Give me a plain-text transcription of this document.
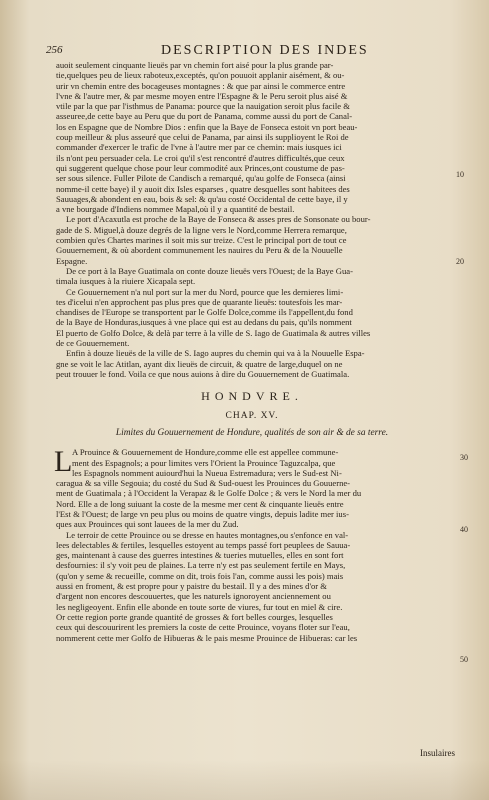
256	DESCRIPTION DES INDES
auoit seulement cinquante lieuës par vn chemin fort aisé pour la plus grande par-
tie,quelques peu de lieux raboteux,exceptés, qu'on pouuoit applanir aisément, & ou-
urir vn chemin entre des bocageuses montagnes : & que par ainsi le commerce entre
l'vne & l'autre mer, & par mesme moyen entre l'Espagne & le Peru seroit plus aisé &
vtile par la que par l'isthmus de Panama: pource que la nauigation seroit plus facile &
asseuree,de cette baye au Peru que du port de Panama, comme aussi du port de Canal-
los en Espagne que de Nombre Dios : enfin que la Baye de Fonseca estoit vn port beau-
coup meilleur & plus asseuré que celui de Panama, par ainsi ils supplioyent le Roi de
commander d'exercer le trafic de l'vne à l'autre mer par ce chemin: mais iusques ici
ils n'ont peu persuader cela. Le croi qu'il s'est rencontré d'autres difficultés,que ceux
qui suggerent quelque chose pour leur commodité aux Princes,ont coustume de pas-
ser sous silence. Fuller Pilote de Candisch a remarqué, qu'au golfe de Fonseca (ainsi
nomme-il cette baye) il y auoit dix Isles esparses , quatre desquelles sont habitees des
Sauuages,& abondent en eau, bois & sel: & qu'au costé Occidental de cette baye, il y
a vne bourgade d'Indiens nommee Mapal,où il y a quantité de bestail.
Le port d'Acaxutla est proche de la Baye de Fonseca & asses pres de Sonsonate ou bour-
gade de S. Miguel,à douze degrés de la ligne vers le Nord,comme Herrera remarque,
combien qu'es Chartes marines il soit mis sur treize. C'est le principal port de tout ce
Gouuernement, & où abordent communement les nauires du Peru & de la Nouuelle
Espagne.
De ce port à la Baye Guatimala on conte douze lieuës vers l'Ouest; de la Baye Gua-
timala iusques à la riuiere Xicapala sept.
Ce Gouuernement n'a nul port sur la mer du Nord, pource que les dernieres limi-
tes d'icelui n'en approchent pas plus pres que de quarante lieuës: toutesfois les mar-
chandises de l'Europe se transportent par le Golfe Dolce,comme ils l'appellent,du fond
de la Baye de Honduras,iusques à vne place qui est au dedans du pais, qu'ils nomment
El puerto de Golfo Dolce, & delà par terre à la ville de S. Iago de Guatimala & autres villes
de ce Gouuernement.
Enfin à douze lieuës de la ville de S. Iago aupres du chemin qui va à la Nouuelle Espa-
gne se voit le lac Atitlan, ayant dix lieuës de circuit, & quatre de large,duquel on ne
peut trouuer le fond. Voila ce que nous auions à dire du Gouuernement de Guatimala.
HONDVRE.
CHAP. XV.
Limites du Gouuernement de Hondure, qualités de son air & de sa terre.
L A Prouince & Gouuernement de Hondure,comme elle est appellee commune-
ment des Espagnols; a pour limites vers l'Orient la Prouince Taguzcalpa, que
les Espagnols nomment auiourd'hui la Nueua Estremadura; vers le Sud-est Ni-
caragua & sa ville Segouia; du costé du Sud & Sud-ouest les Prouinces du Gouuerne-
ment de Guatimala ; à l'Occident la Verapaz & le Golfe Dolce ; & vers le Nord la mer du
Nord. Elle a de long suiuant la coste de la mesme mer cent & cinquante lieuës entre
l'Est & l'Ouest; de large vn peu plus ou moins de quatre vingts, depuis ladite mer ius-
ques aux Prouinces qui sont lauees de la mer du Zud.
Le terroir de cette Prouince ou se dresse en hautes montagnes,ou s'enfonce en val-
lees delectables & fertiles, lesquelles estoyent au temps passé fort peuplees de Sauua-
ges, maintenant à cause des guerres intestines & tueries mutuelles, elles en sont fort
desfournies: il s'y voit peu de plaines. La terre n'y est pas seulement fertile en Mays,
(qu'on y seme & recueille, comme on dit, trois fois l'an, comme aussi les pois) mais
aussi en froment, & est propre pour y paistre du bestail. Il y a des mines d'or &
d'argent non encores descouuertes, que les naturels ignoroyent anciennement ou
les negligeoyent. Enfin elle abonde en toute sorte de viures, fur tout en miel & cire.
Or cette region porte grande quantité de grosses & fort belles courges, lesquelles
ceux qui descouurirent les premiers la coste de cette Prouince, voyans floter sur l'eau,
nommerent cette mer Golfo de Hibueras & le pais mesme Prouince de Hibueras: car les
10
20
30
40
50
Insulaires
